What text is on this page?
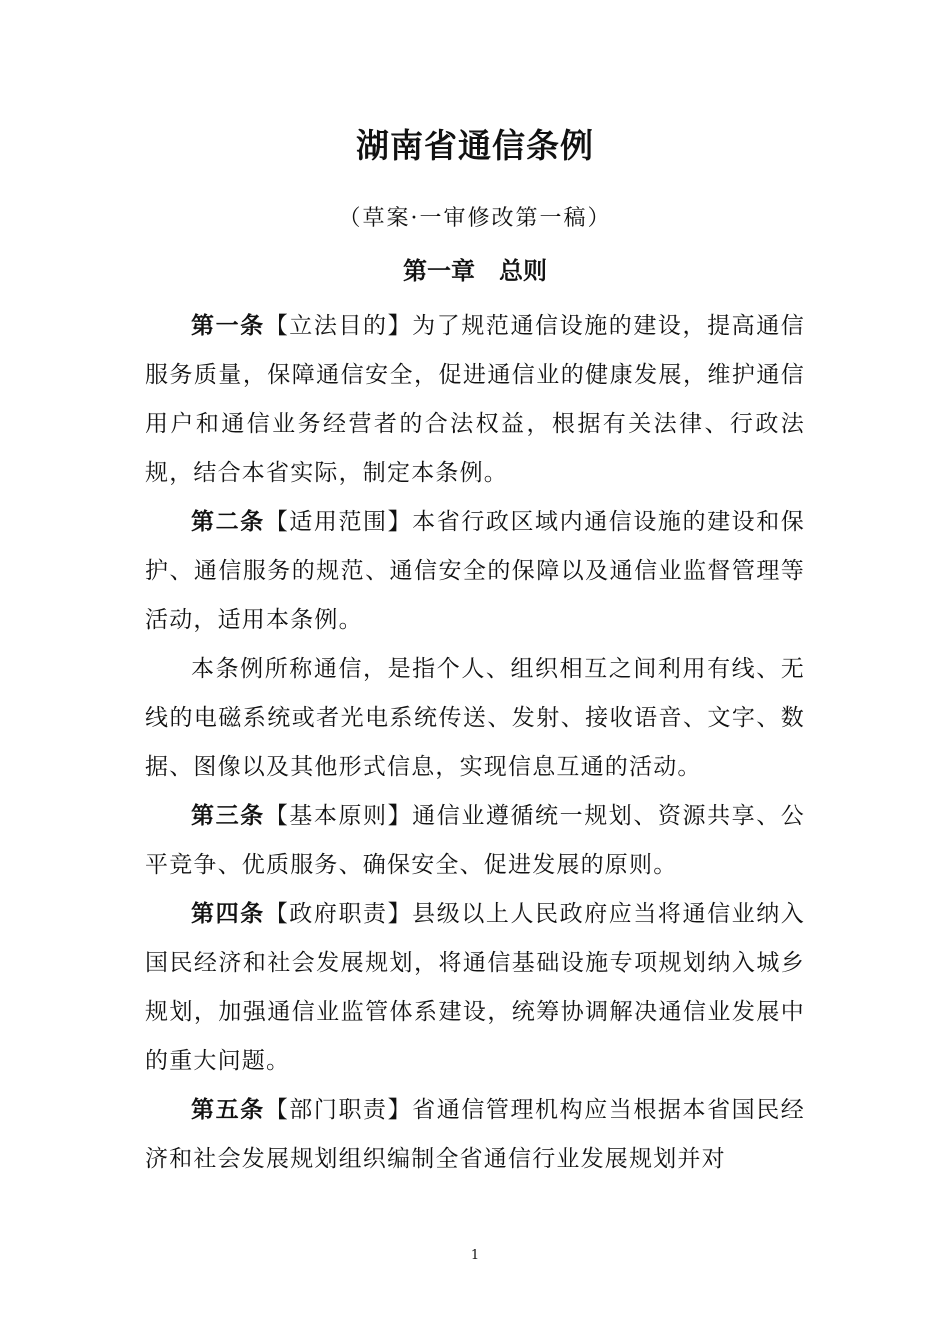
湖南省通信条例
（草案·一审修改第一稿）
第一章　总则

第一条【立法目的】为了规范通信设施的建设，提高通信服务质量，保障通信安全，促进通信业的健康发展，维护通信用户和通信业务经营者的合法权益，根据有关法律、行政法规，结合本省实际，制定本条例。

第二条【适用范围】本省行政区域内通信设施的建设和保护、通信服务的规范、通信安全的保障以及通信业监督管理等活动，适用本条例。

本条例所称通信，是指个人、组织相互之间利用有线、无线的电磁系统或者光电系统传送、发射、接收语音、文字、数据、图像以及其他形式信息，实现信息互通的活动。

第三条【基本原则】通信业遵循统一规划、资源共享、公平竞争、优质服务、确保安全、促进发展的原则。

第四条【政府职责】县级以上人民政府应当将通信业纳入国民经济和社会发展规划，将通信基础设施专项规划纳入城乡规划，加强通信业监管体系建设，统筹协调解决通信业发展中的重大问题。

第五条【部门职责】省通信管理机构应当根据本省国民经济和社会发展规划组织编制全省通信行业发展规划并对

1
